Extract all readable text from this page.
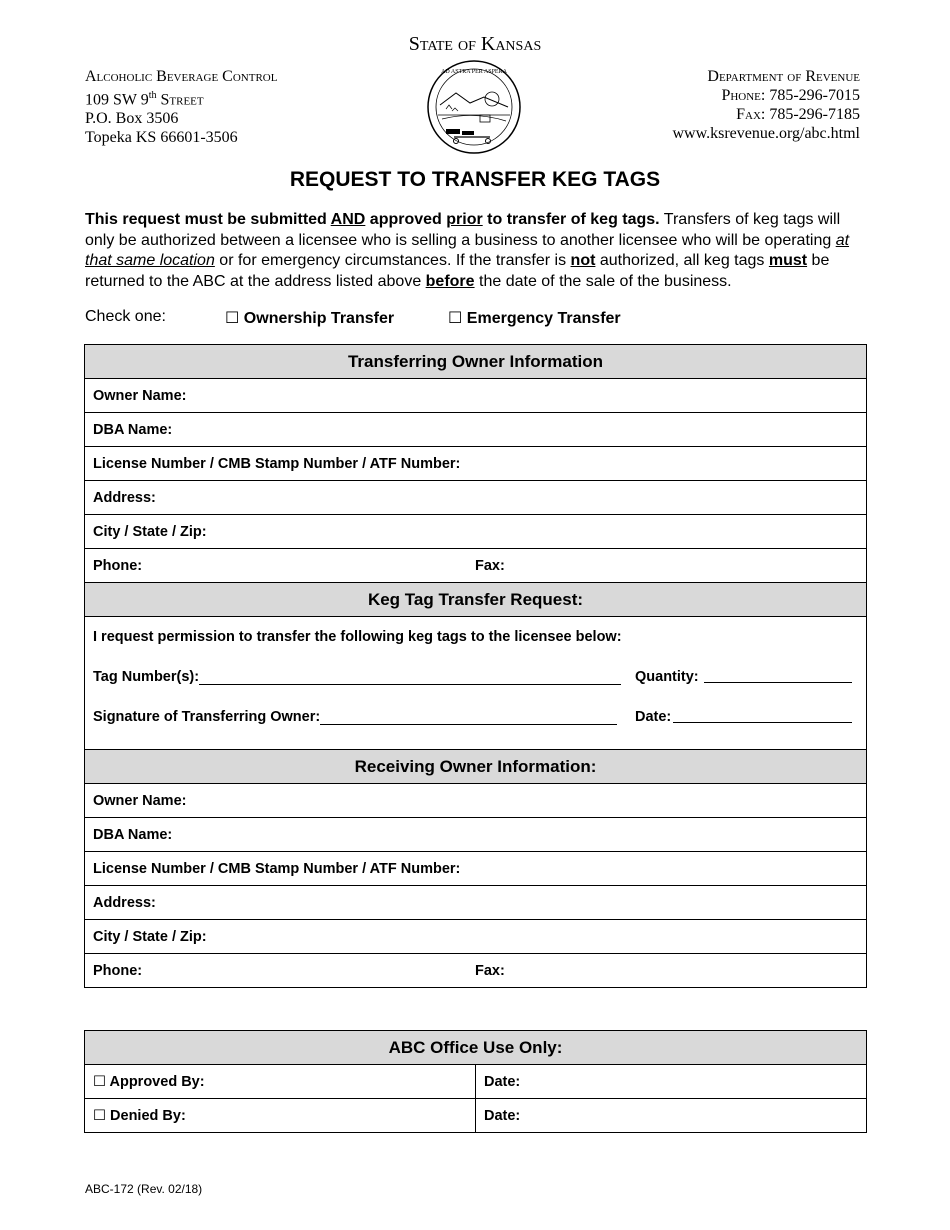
State of Kansas
Alcoholic Beverage Control
109 SW 9th Street
P.O. Box 3506
Topeka KS 66601-3506
AD ASTRA PER ASPERA	Department of Revenue
Phone: 785-296-7015
Fax: 785-296-7185
www.ksrevenue.org/abc.html
REQUEST TO TRANSFER KEG TAGS
This request must be submitted AND approved prior to transfer of keg tags. Transfers of keg tags will only be authorized between a licensee who is selling a business to another licensee who will be operating at that same location or for emergency circumstances. If the transfer is not authorized, all keg tags must be returned to the ABC at the address listed above before the date of the sale of the business.
Check one:	☐ Ownership Transfer	☐ Emergency Transfer
Transferring Owner Information
Owner Name:
DBA Name:
License Number / CMB Stamp Number / ATF Number:
Address:
City / State / Zip:
Phone:	Fax:

Keg Tag Transfer Request:

I request permission to transfer the following keg tags to the licensee below:
Tag Number(s):	Quantity:
Signature of Transferring Owner:	Date:

Receiving Owner Information:
Owner Name:
DBA Name:
License Number / CMB Stamp Number / ATF Number:
Address:
City / State / Zip:
Phone:	Fax:
ABC Office Use Only:	
☐ Approved By:	Date:
☐ Denied By:	Date:
ABC-172 (Rev. 02/18)
